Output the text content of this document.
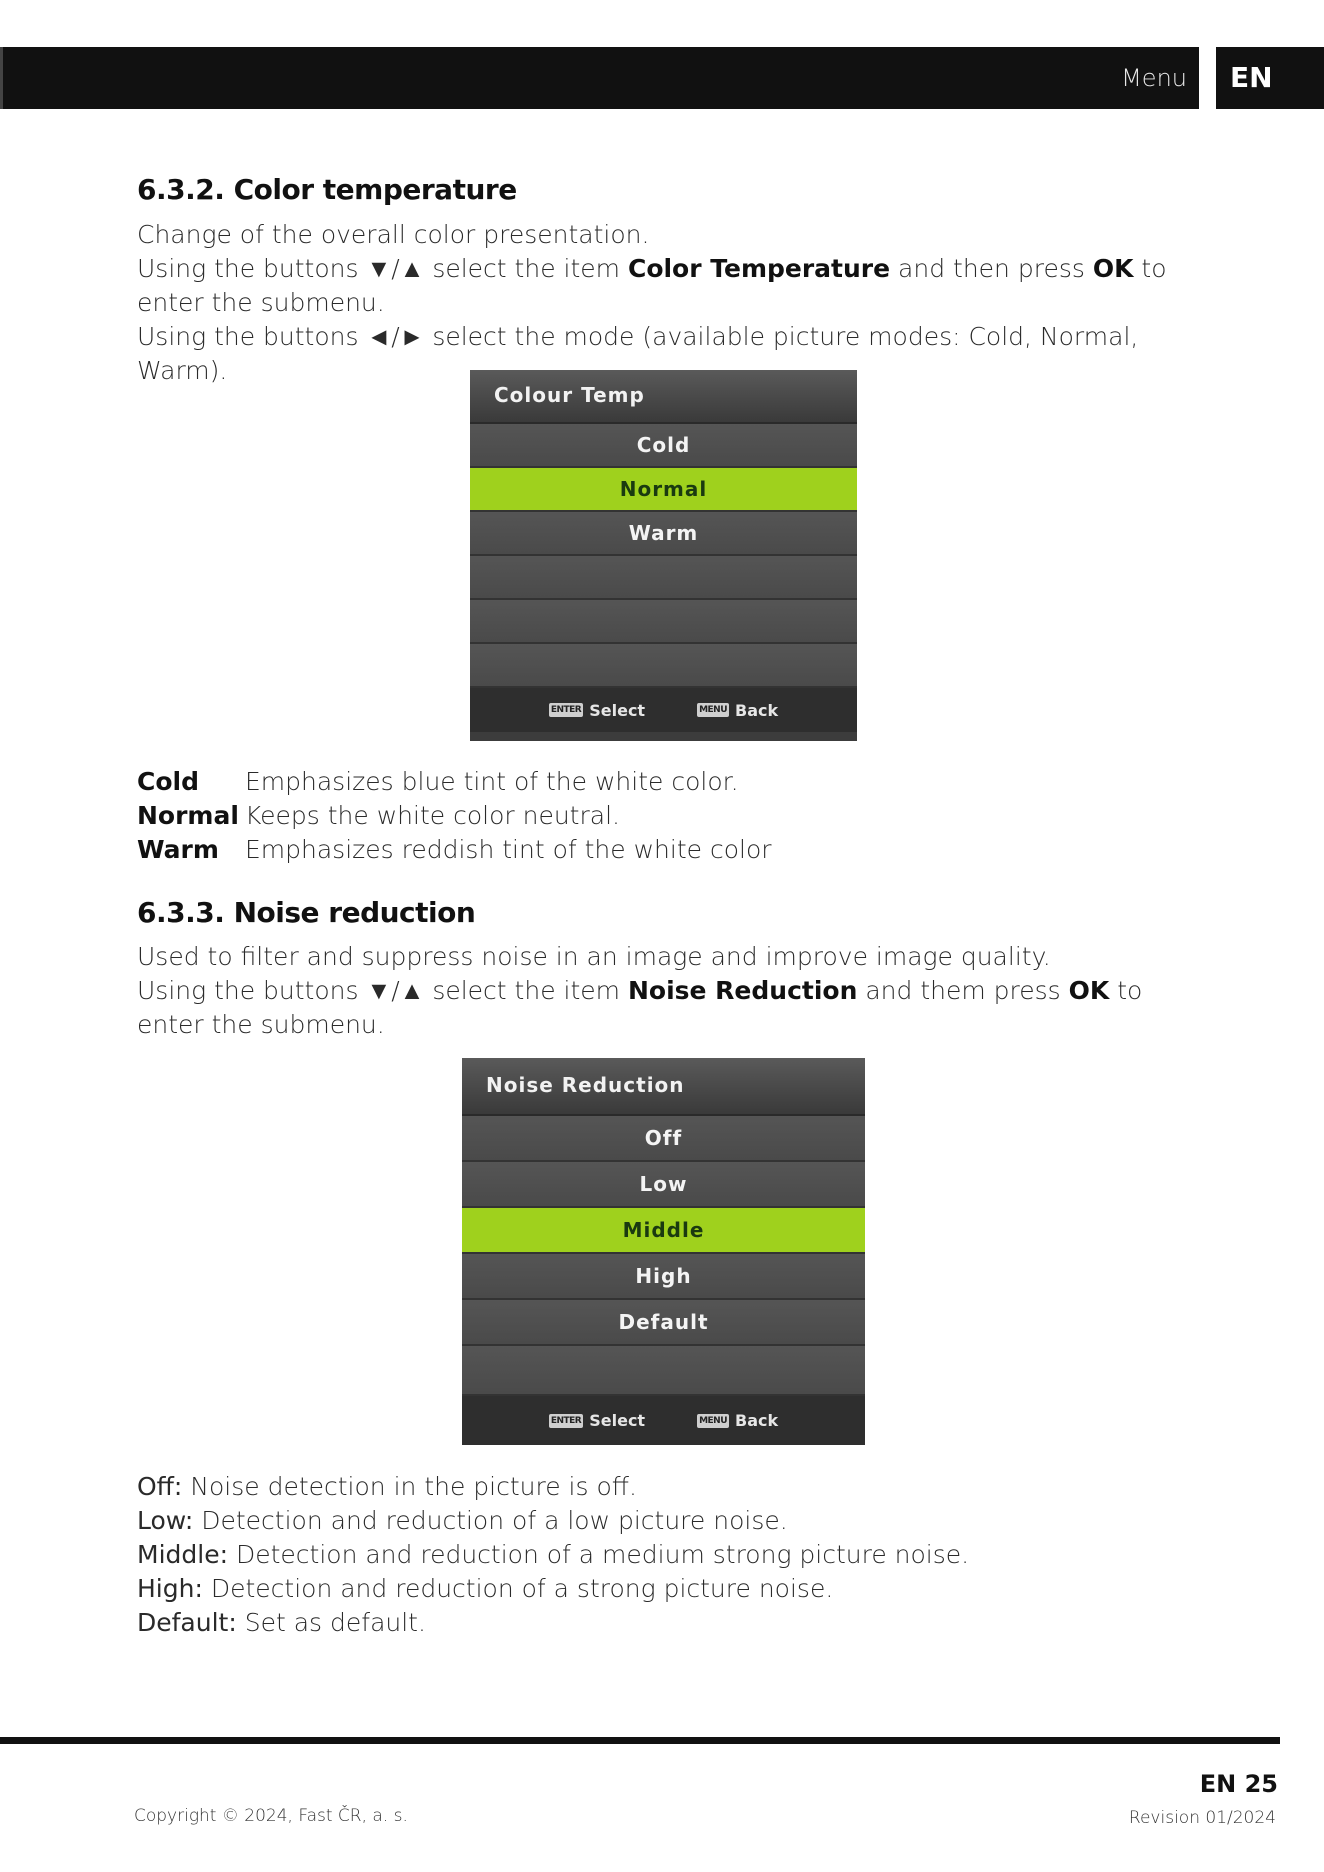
Menu	EN
6.3.2. Color temperature
Change of the overall color presentation.
Using the buttons ▼/▲ select the item Color Temperature and then press OK to enter the submenu.
Using the buttons ◄/► select the mode (available picture modes: Cold, Normal, Warm).
Colour Temp
Cold
Normal
Warm
ENTER Select	MENU Back
Cold	Emphasizes blue tint of the white color.
Normal Keeps the white color neutral.
Warm	Emphasizes reddish tint of the white color
6.3.3. Noise reduction
Used to filter and suppress noise in an image and improve image quality.
Using the buttons ▼/▲ select the item Noise Reduction and them press OK to enter the submenu.
Noise Reduction
Off
Low
Middle
High
Default
ENTER Select	MENU Back
Off: Noise detection in the picture is off.
Low: Detection and reduction of a low picture noise.
Middle: Detection and reduction of a medium strong picture noise.
High: Detection and reduction of a strong picture noise.
Default: Set as default.
Copyright © 2024, Fast ČR, a. s.
EN 25
Revision 01/2024
